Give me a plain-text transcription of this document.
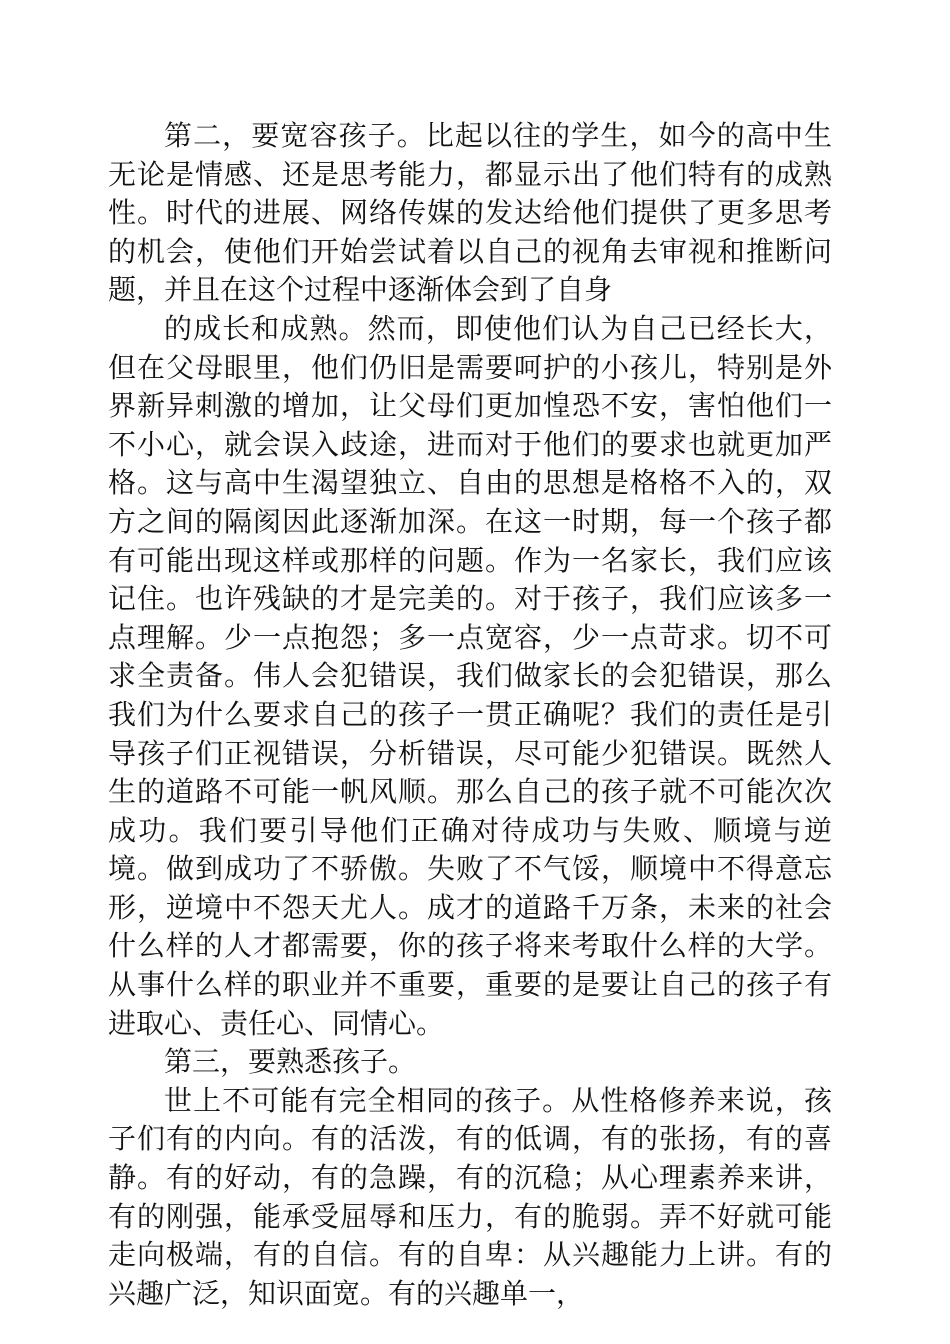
第二，要宽容孩子。比起以往的学生，如今的高中生无论是情感、还是思考能力，都显示出了他们特有的成熟性。时代的进展、网络传媒的发达给他们提供了更多思考的机会，使他们开始尝试着以自己的视角去审视和推断问题，并且在这个过程中逐渐体会到了自身

的成长和成熟。然而，即使他们认为自己已经长大，但在父母眼里，他们仍旧是需要呵护的小孩儿，特别是外界新异刺激的增加，让父母们更加惶恐不安，害怕他们一不小心，就会误入歧途，进而对于他们的要求也就更加严格。这与高中生渴望独立、自由的思想是格格不入的，双方之间的隔阂因此逐渐加深。在这一时期，每一个孩子都有可能出现这样或那样的问题。作为一名家长，我们应该记住。也许残缺的才是完美的。对于孩子，我们应该多一点理解。少一点抱怨；多一点宽容，少一点苛求。切不可求全责备。伟人会犯错误，我们做家长的会犯错误，那么我们为什么要求自己的孩子一贯正确呢？我们的责任是引导孩子们正视错误，分析错误，尽可能少犯错误。既然人生的道路不可能一帆风顺。那么自己的孩子就不可能次次成功。我们要引导他们正确对待成功与失败、顺境与逆境。做到成功了不骄傲。失败了不气馁，顺境中不得意忘形，逆境中不怨天尤人。成才的道路千万条，未来的社会什么样的人才都需要，你的孩子将来考取什么样的大学。从事什么样的职业并不重要，重要的是要让自己的孩子有进取心、责任心、同情心。

第三，要熟悉孩子。

世上不可能有完全相同的孩子。从性格修养来说，孩子们有的内向。有的活泼，有的低调，有的张扬，有的喜静。有的好动，有的急躁，有的沉稳；从心理素养来讲，有的刚强，能承受屈辱和压力，有的脆弱。弄不好就可能走向极端，有的自信。有的自卑：从兴趣能力上讲。有的兴趣广泛，知识面宽。有的兴趣单一，
